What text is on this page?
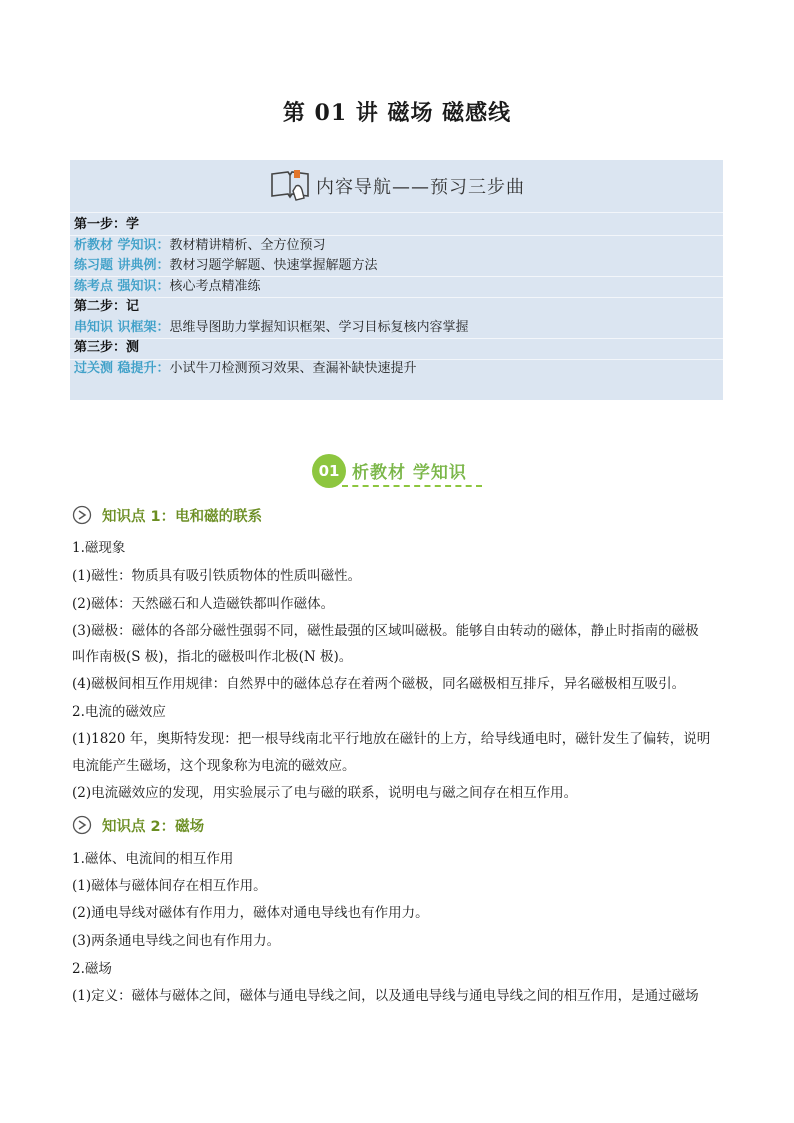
第 01 讲 磁场 磁感线
内容导航——预习三步曲
第一步：学
析教材 学知识：教材精讲精析、全方位预习
练习题 讲典例：教材习题学解题、快速掌握解题方法
练考点 强知识：核心考点精准练
第二步：记
串知识 识框架：思维导图助力掌握知识框架、学习目标复核内容掌握
第三步：测
过关测 稳提升：小试牛刀检测预习效果、查漏补缺快速提升
01 析教材 学知识
知识点 1：电和磁的联系
1.磁现象
(1)磁性：物质具有吸引铁质物体的性质叫磁性。
(2)磁体：天然磁石和人造磁铁都叫作磁体。
(3)磁极：磁体的各部分磁性强弱不同，磁性最强的区域叫磁极。能够自由转动的磁体，静止时指南的磁极
叫作南极(S 极)，指北的磁极叫作北极(N 极)。
(4)磁极间相互作用规律：自然界中的磁体总存在着两个磁极，同名磁极相互排斥，异名磁极相互吸引。
2.电流的磁效应
(1)1820 年，奥斯特发现：把一根导线南北平行地放在磁针的上方，给导线通电时，磁针发生了偏转，说明
电流能产生磁场，这个现象称为电流的磁效应。
(2)电流磁效应的发现，用实验展示了电与磁的联系，说明电与磁之间存在相互作用。
知识点 2：磁场
1.磁体、电流间的相互作用
(1)磁体与磁体间存在相互作用。
(2)通电导线对磁体有作用力，磁体对通电导线也有作用力。
(3)两条通电导线之间也有作用力。
2.磁场
(1)定义：磁体与磁体之间，磁体与通电导线之间，以及通电导线与通电导线之间的相互作用，是通过磁场
